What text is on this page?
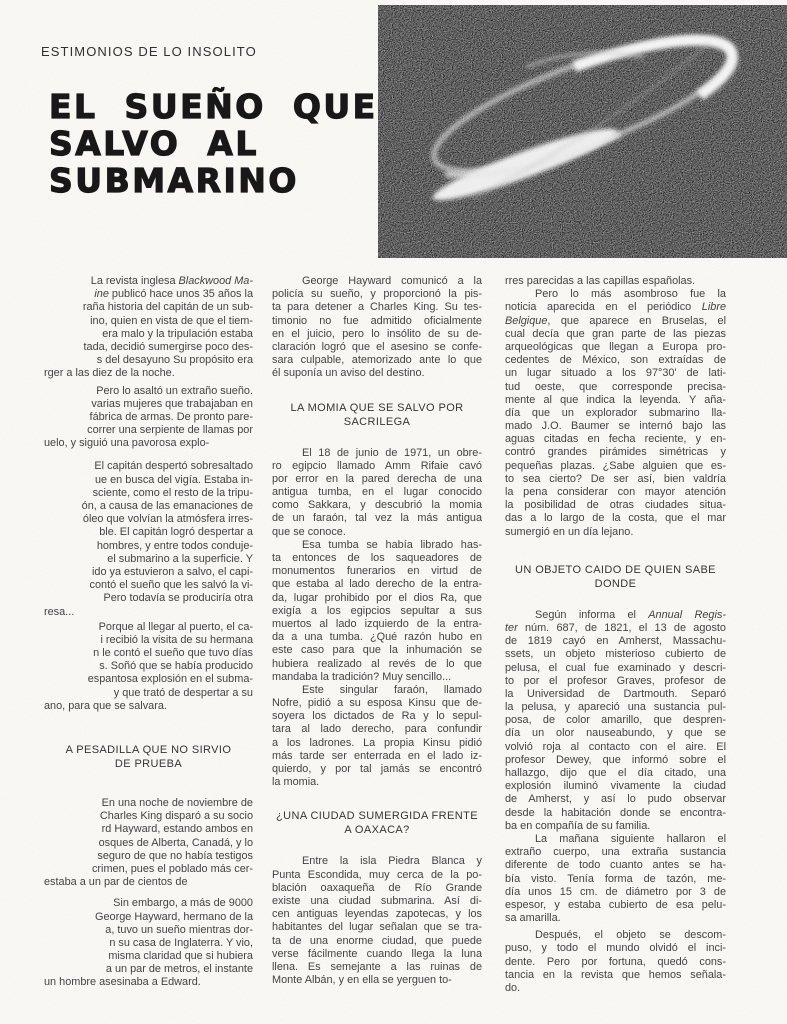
ESTIMONIOS DE LO INSOLITO
EL SUEÑO QUE
SALVO AL
SUBMARINO
La revista inglesa Blackwood Ma-
ine publicó hace unos 35 años la
raña historia del capitán de un sub-
ino, quien en vista de que el tiem-
era malo y la tripulación estaba
tada, decidió sumergirse poco des-
s del desayuno Su propósito era
rger a las diez de la noche.
Pero lo asaltó un extraño sueño.
varias mujeres que trabajaban en
fábrica de armas. De pronto pare-
correr una serpiente de llamas por
uelo, y siguió una pavorosa explo-
El capitán despertó sobresaltado
ue en busca del vigía. Estaba in-
sciente, como el resto de la tripu-
ón, a causa de las emanaciones de
óleo que volvían la atmósfera irres-
ble. El capitán logró despertar a
hombres, y entre todos conduje-
el submarino a la superficie. Y
ido ya estuvieron a salvo, el capi-
contó el sueño que les salvó la vi-
Pero todavía se produciría otra
resa...
Porque al llegar al puerto, el ca-
i recibió la visita de su hermana
n le contó el sueño que tuvo días
s. Soñó que se había producido
espantosa explosión en el subma-
y que trató de despertar a su
ano, para que se salvara.
A PESADILLA QUE NO SIRVIO
DE PRUEBA
En una noche de noviembre de
Charles King disparó a su socio
rd Hayward, estando ambos en
osques de Alberta, Canadá, y lo
seguro de que no había testigos
crimen, pues el poblado más cer-
estaba a un par de cientos de
Sin embargo, a más de 9000
George Hayward, hermano de la
a, tuvo un sueño mientras dor-
n su casa de Inglaterra. Y vio,
misma claridad que si hubiera
a un par de metros, el instante
un hombre asesinaba a Edward.
George Hayward comunicó a la
policía su sueño, y proporcionó la pis-
ta para detener a Charles King. Su tes-
timonio no fue admitido oficialmente
en el juicio, pero lo insólito de su de-
claración logró que el asesino se confe-
sara culpable, atemorizado ante lo que
él suponía un aviso del destino.
LA MOMIA QUE SE SALVO POR
SACRILEGA
El 18 de junio de 1971, un obre-
ro egipcio llamado Amm Rifaie cavó
por error en la pared derecha de una
antigua tumba, en el lugar conocido
como Sakkara, y descubrió la momia
de un faraón, tal vez la más antigua
que se conoce.
Esa tumba se había librado has-
ta entonces de los saqueadores de
monumentos funerarios en virtud de
que estaba al lado derecho de la entra-
da, lugar prohibido por el dios Ra, que
exigía a los egipcios sepultar a sus
muertos al lado izquierdo de la entra-
da a una tumba. ¿Qué razón hubo en
este caso para que la inhumación se
hubiera realizado al revés de lo que
mandaba la tradición? Muy sencillo...
Este singular faraón, llamado
Nofre, pidió a su esposa Kinsu que de-
soyera los dictados de Ra y lo sepul-
tara al lado derecho, para confundir
a los ladrones. La propia Kinsu pidió
más tarde ser enterrada en el lado iz-
quierdo, y por tal jamás se encontró
la momia.
¿UNA CIUDAD SUMERGIDA FRENTE
A OAXACA?
Entre la isla Piedra Blanca y
Punta Escondida, muy cerca de la po-
blación oaxaqueña de Río Grande
existe una ciudad submarina. Así di-
cen antiguas leyendas zapotecas, y los
habitantes del lugar señalan que se tra-
ta de una enorme ciudad, que puede
verse fácilmente cuando llega la luna
llena. Es semejante a las ruinas de
Monte Albán, y en ella se yerguen to-
rres parecidas a las capillas españolas.
Pero lo más asombroso fue la
noticia aparecida en el periódico Libre
Belgique, que aparece en Bruselas, el
cual decía que gran parte de las piezas
arqueológicas que llegan a Europa pro-
cedentes de México, son extraídas de
un lugar situado a los 97°30' de lati-
tud oeste, que corresponde precisa-
mente al que indica la leyenda. Y aña-
día que un explorador submarino lla-
mado J.O. Baumer se internó bajo las
aguas citadas en fecha reciente, y en-
contró grandes pirámides simétricas y
pequeñas plazas. ¿Sabe alguien que es-
to sea cierto? De ser así, bien valdría
la pena considerar con mayor atención
la posibilidad de otras ciudades situa-
das a lo largo de la costa, que el mar
sumergió en un día lejano.
UN OBJETO CAIDO DE QUIEN SABE
DONDE
Según informa el Annual Regis-
ter núm. 687, de 1821, el 13 de agosto
de 1819 cayó en Amherst, Massachu-
ssets, un objeto misterioso cubierto de
pelusa, el cual fue examinado y descri-
to por el profesor Graves, profesor de
la Universidad de Dartmouth. Separó
la pelusa, y apareció una sustancia pul-
posa, de color amarillo, que despren-
día un olor nauseabundo, y que se
volvió roja al contacto con el aire. El
profesor Dewey, que informó sobre el
hallazgo, dijo que el día citado, una
explosión iluminó vivamente la ciudad
de Amherst, y así lo pudo observar
desde la habitación donde se encontra-
ba en compañía de su familia.
La mañana siguiente hallaron el
extraño cuerpo, una extraña sustancia
diferente de todo cuanto antes se ha-
bía visto. Tenía forma de tazón, me-
día unos 15 cm. de diámetro por 3 de
espesor, y estaba cubierto de esa pelu-
sa amarilla.
Después, el objeto se descom-
puso, y todo el mundo olvidó el inci-
dente. Pero por fortuna, quedó cons-
tancia en la revista que hemos señala-
do.
